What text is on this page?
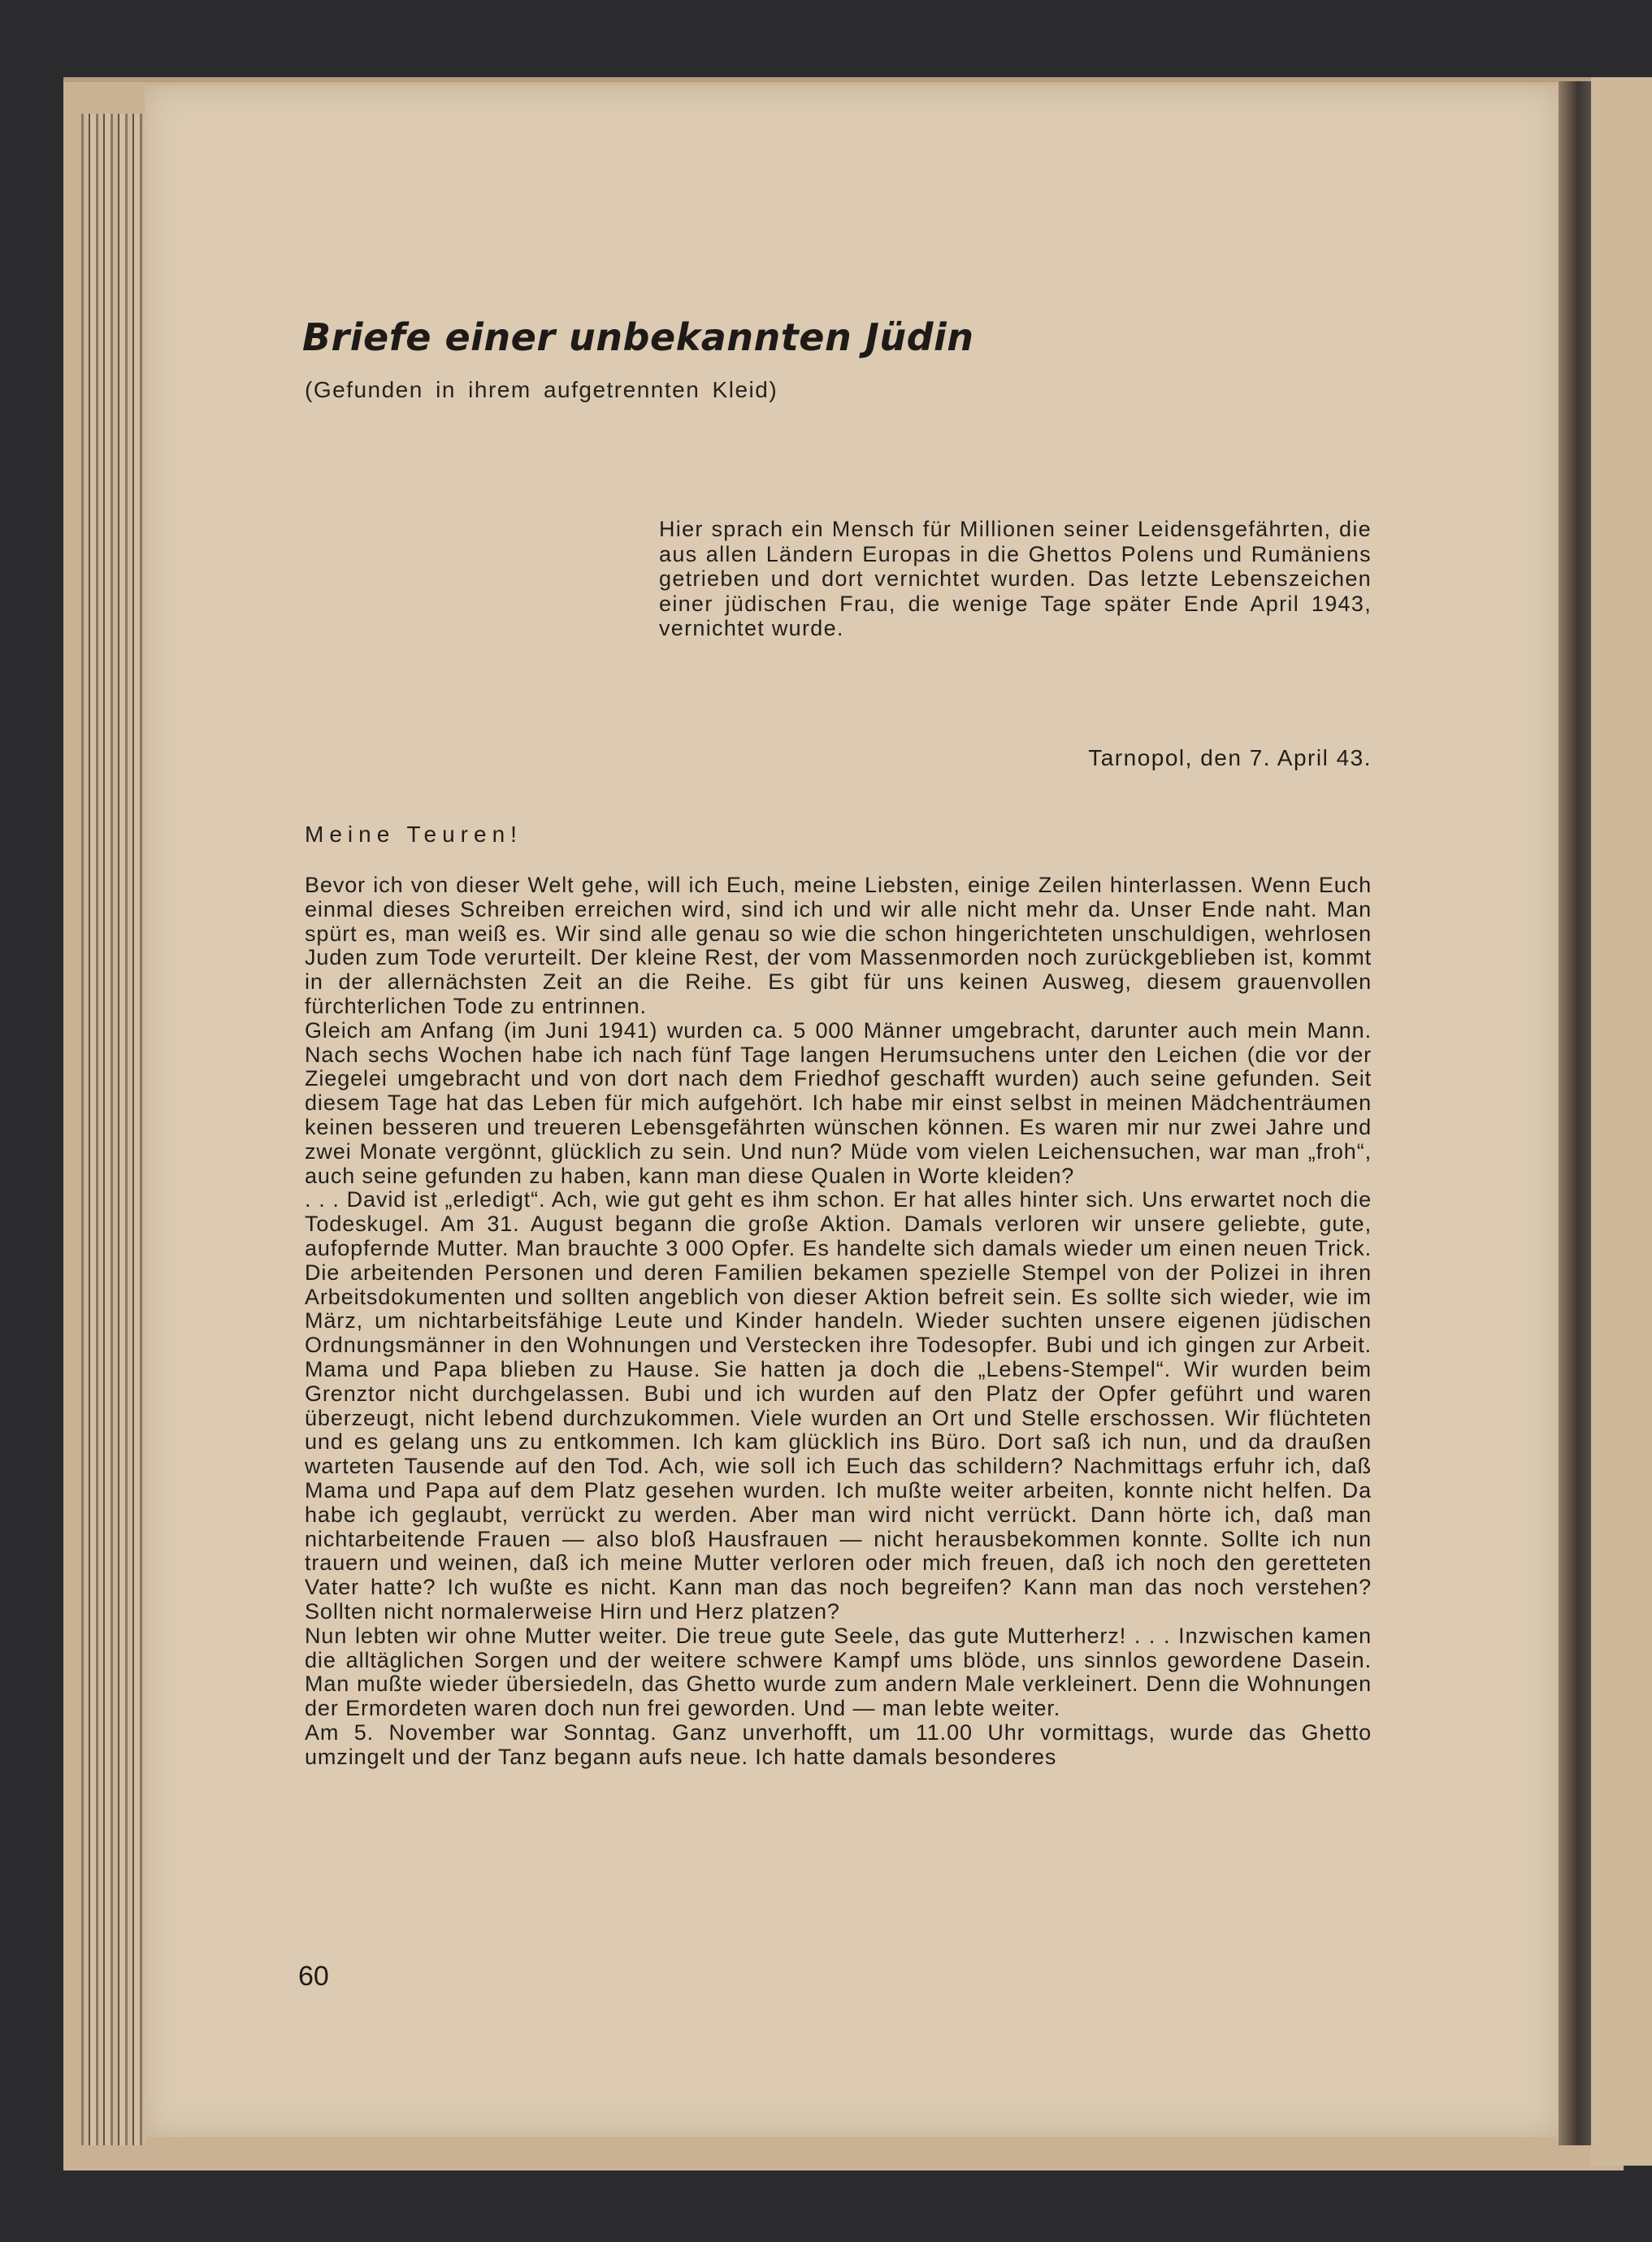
Briefe einer unbekannten Jüdin
(Gefunden in ihrem aufgetrennten Kleid)

Hier sprach ein Mensch für Millionen seiner Leidensgefährten, die aus allen Ländern Europas in die Ghettos Polens und Rumäniens getrieben und dort vernichtet wurden. Das letzte Lebenszeichen einer jüdischen Frau, die wenige Tage später Ende April 1943, vernichtet wurde.

Tarnopol, den 7. April 43.
Meine Teuren!

Bevor ich von dieser Welt gehe, will ich Euch, meine Liebsten, einige Zeilen hinterlassen. Wenn Euch einmal dieses Schreiben erreichen wird, sind ich und wir alle nicht mehr da. Unser Ende naht. Man spürt es, man weiß es. Wir sind alle genau so wie die schon hingerichteten unschuldigen, wehrlosen Juden zum Tode verurteilt. Der kleine Rest, der vom Massenmorden noch zurückgeblieben ist, kommt in der allernächsten Zeit an die Reihe. Es gibt für uns keinen Ausweg, diesem grauenvollen fürchterlichen Tode zu entrinnen.

Gleich am Anfang (im Juni 1941) wurden ca. 5 000 Männer umgebracht, darunter auch mein Mann. Nach sechs Wochen habe ich nach fünf Tage langen Herumsuchens unter den Leichen (die vor der Ziegelei umgebracht und von dort nach dem Friedhof geschafft wurden) auch seine gefunden. Seit diesem Tage hat das Leben für mich aufgehört. Ich habe mir einst selbst in meinen Mädchenträumen keinen besseren und treueren Lebensgefährten wünschen können. Es waren mir nur zwei Jahre und zwei Monate vergönnt, glücklich zu sein. Und nun? Müde vom vielen Leichensuchen, war man „froh“, auch seine gefunden zu haben, kann man diese Qualen in Worte kleiden?

. . . David ist „erledigt“. Ach, wie gut geht es ihm schon. Er hat alles hinter sich. Uns erwartet noch die Todeskugel. Am 31. August begann die große Aktion. Damals verloren wir unsere geliebte, gute, aufopfernde Mutter. Man brauchte 3 000 Opfer. Es handelte sich damals wieder um einen neuen Trick. Die arbeitenden Personen und deren Familien bekamen spezielle Stempel von der Polizei in ihren Arbeitsdokumenten und sollten angeblich von dieser Aktion befreit sein. Es sollte sich wieder, wie im März, um nichtarbeitsfähige Leute und Kinder handeln. Wieder suchten unsere eigenen jüdischen Ordnungsmänner in den Wohnungen und Verstecken ihre Todesopfer. Bubi und ich gingen zur Arbeit. Mama und Papa blieben zu Hause. Sie hatten ja doch die „Lebens-Stempel“. Wir wurden beim Grenztor nicht durchgelassen. Bubi und ich wurden auf den Platz der Opfer geführt und waren überzeugt, nicht lebend durchzukommen. Viele wurden an Ort und Stelle erschossen. Wir flüchteten und es gelang uns zu entkommen. Ich kam glücklich ins Büro. Dort saß ich nun, und da draußen warteten Tausende auf den Tod. Ach, wie soll ich Euch das schildern? Nachmittags erfuhr ich, daß Mama und Papa auf dem Platz gesehen wurden. Ich mußte weiter arbeiten, konnte nicht helfen. Da habe ich geglaubt, verrückt zu werden. Aber man wird nicht verrückt. Dann hörte ich, daß man nichtarbeitende Frauen — also bloß Hausfrauen — nicht herausbekommen konnte. Sollte ich nun trauern und weinen, daß ich meine Mutter verloren oder mich freuen, daß ich noch den geretteten Vater hatte? Ich wußte es nicht. Kann man das noch begreifen? Kann man das noch verstehen? Sollten nicht normalerweise Hirn und Herz platzen?

Nun lebten wir ohne Mutter weiter. Die treue gute Seele, das gute Mutterherz! . . . Inzwischen kamen die alltäglichen Sorgen und der weitere schwere Kampf ums blöde, uns sinnlos gewordene Dasein. Man mußte wieder übersiedeln, das Ghetto wurde zum andern Male verkleinert. Denn die Wohnungen der Ermordeten waren doch nun frei geworden. Und — man lebte weiter.

Am 5. November war Sonntag. Ganz unverhofft, um 11.00 Uhr vormittags, wurde das Ghetto umzingelt und der Tanz begann aufs neue. Ich hatte damals besonderes

60
